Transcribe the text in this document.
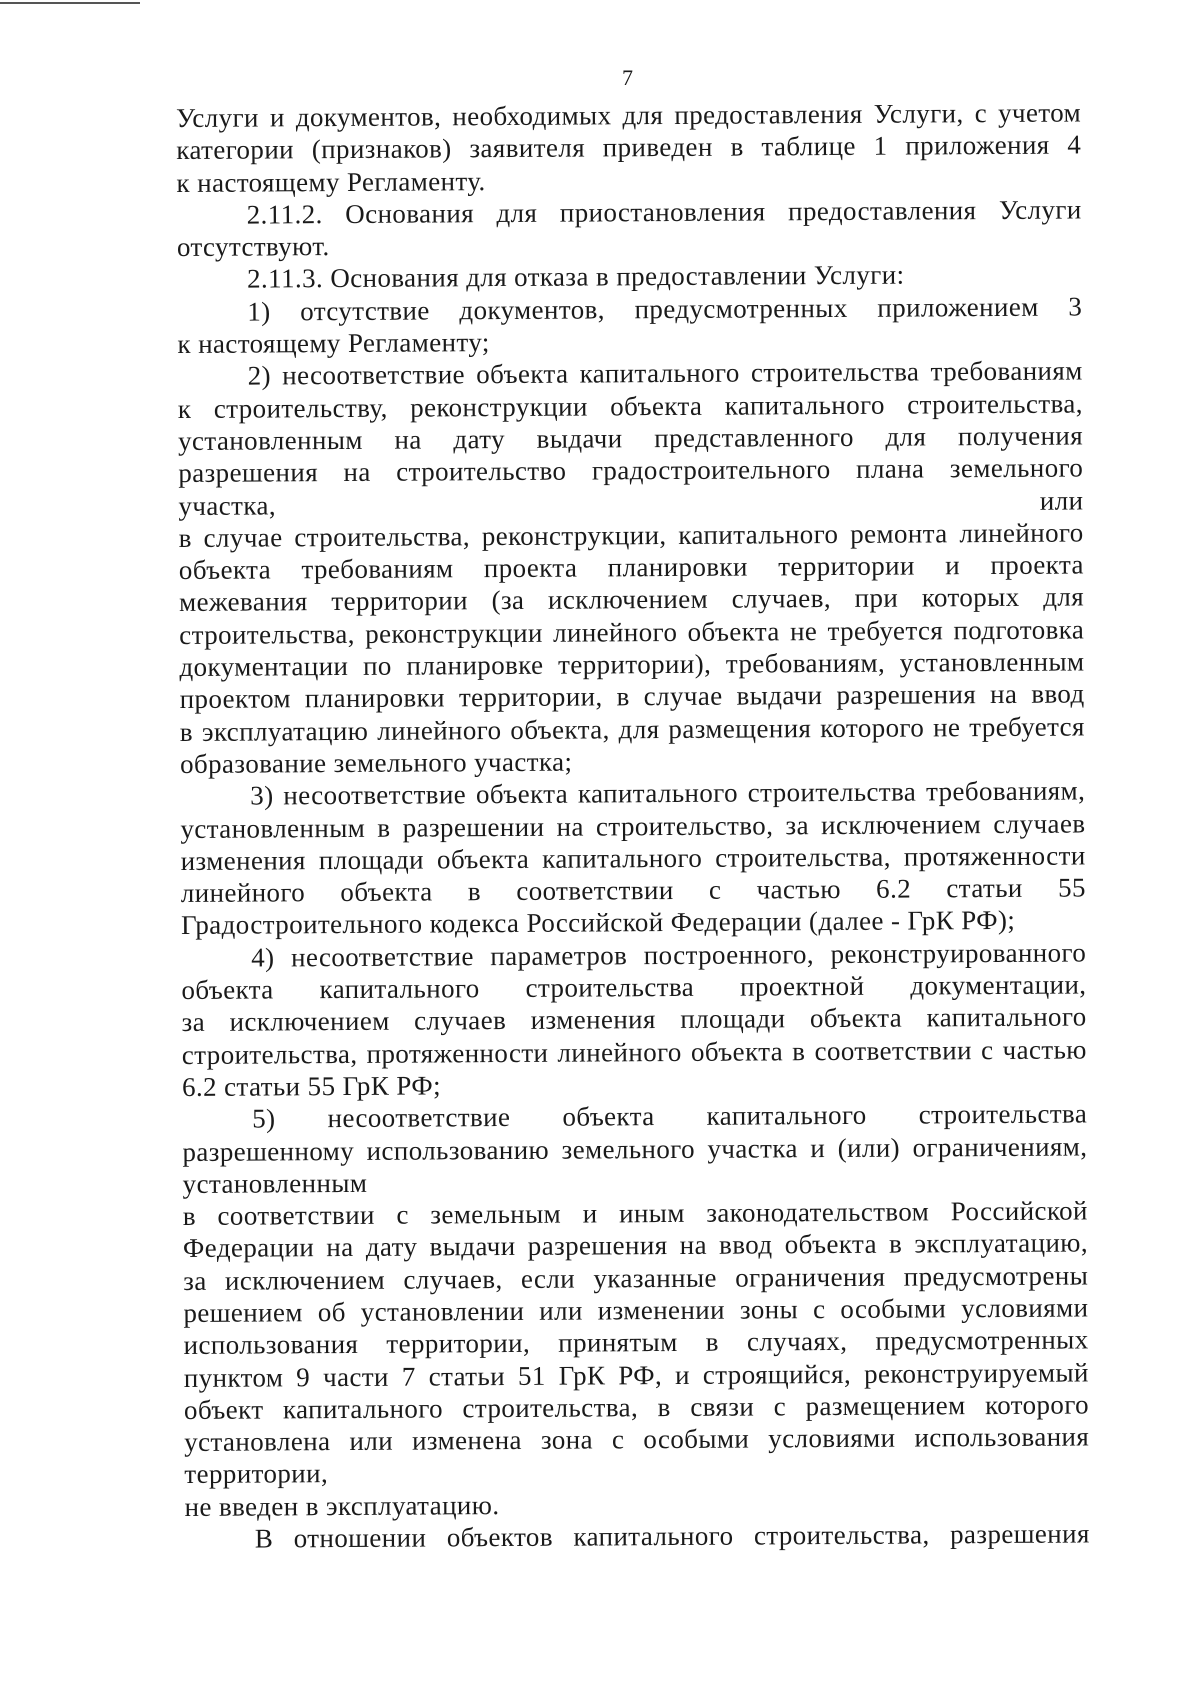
7
Услуги и документов, необходимых для предоставления Услуги, с учетом
категории (признаков) заявителя приведен в таблице 1 приложения 4
к настоящему Регламенту.
2.11.2. Основания для приостановления предоставления Услуги
отсутствуют.
2.11.3. Основания для отказа в предоставлении Услуги:
1) отсутствие документов, предусмотренных приложением 3
к настоящему Регламенту;
2) несоответствие объекта капитального строительства требованиям
к строительству, реконструкции объекта капитального строительства,
установленным на дату выдачи представленного для получения
разрешения на строительство градостроительного плана земельного
участка, или
в случае строительства, реконструкции, капитального ремонта линейного
объекта требованиям проекта планировки территории и проекта
межевания территории (за исключением случаев, при которых для
строительства, реконструкции линейного объекта не требуется подготовка
документации по планировке территории), требованиям, установленным
проектом планировки территории, в случае выдачи разрешения на ввод
в эксплуатацию линейного объекта, для размещения которого не требуется
образование земельного участка;
3) несоответствие объекта капитального строительства требованиям,
установленным в разрешении на строительство, за исключением случаев
изменения площади объекта капитального строительства, протяженности
линейного объекта в соответствии с частью 6.2 статьи 55
Градостроительного кодекса Российской Федерации (далее - ГрК РФ);
4) несоответствие параметров построенного, реконструированного
объекта капитального строительства проектной документации,
за исключением случаев изменения площади объекта капитального
строительства, протяженности линейного объекта в соответствии с частью
6.2 статьи 55 ГрК РФ;
5) несоответствие объекта капитального строительства
разрешенному использованию земельного участка и (или) ограничениям,
установленным
в соответствии с земельным и иным законодательством Российской
Федерации на дату выдачи разрешения на ввод объекта в эксплуатацию,
за исключением случаев, если указанные ограничения предусмотрены
решением об установлении или изменении зоны с особыми условиями
использования территории, принятым в случаях, предусмотренных
пунктом 9 части 7 статьи 51 ГрК РФ, и строящийся, реконструируемый
объект капитального строительства, в связи с размещением которого
установлена или изменена зона с особыми условиями использования
территории,
не введен в эксплуатацию.
В отношении объектов капитального строительства, разрешения
